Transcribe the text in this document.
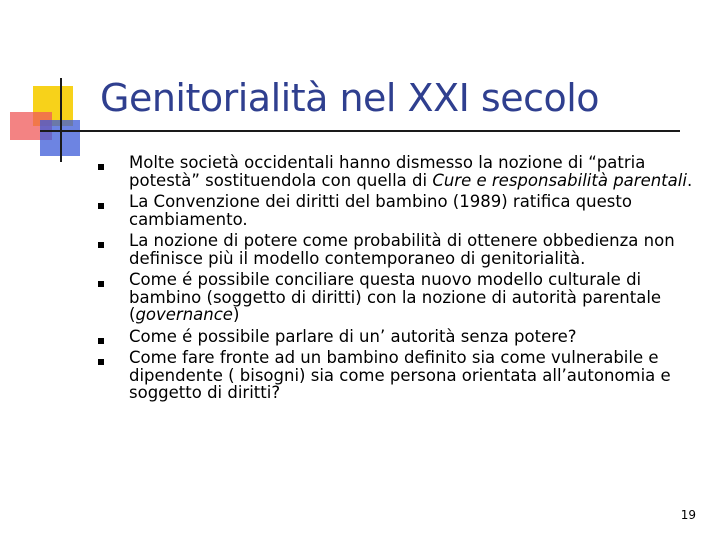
Genitorialità nel XXI secolo
Molte società occidentali hanno dismesso la nozione di “patria potestà” sostituendola con quella di Cure e responsabilità parentali.
La Convenzione dei diritti del bambino (1989) ratifica questo cambiamento.
La nozione di potere come probabilità di ottenere obbedienza non definisce più il modello contemporaneo di genitorialità.
Come é possibile conciliare questa nuovo modello culturale di bambino (soggetto di diritti) con la nozione di autorità parentale (governance)
Come é possibile parlare di un’ autorità senza potere?
Come fare fronte ad un bambino definito sia come vulnerabile e dipendente ( bisogni) sia come persona orientata all’autonomia e soggetto di diritti?
19
